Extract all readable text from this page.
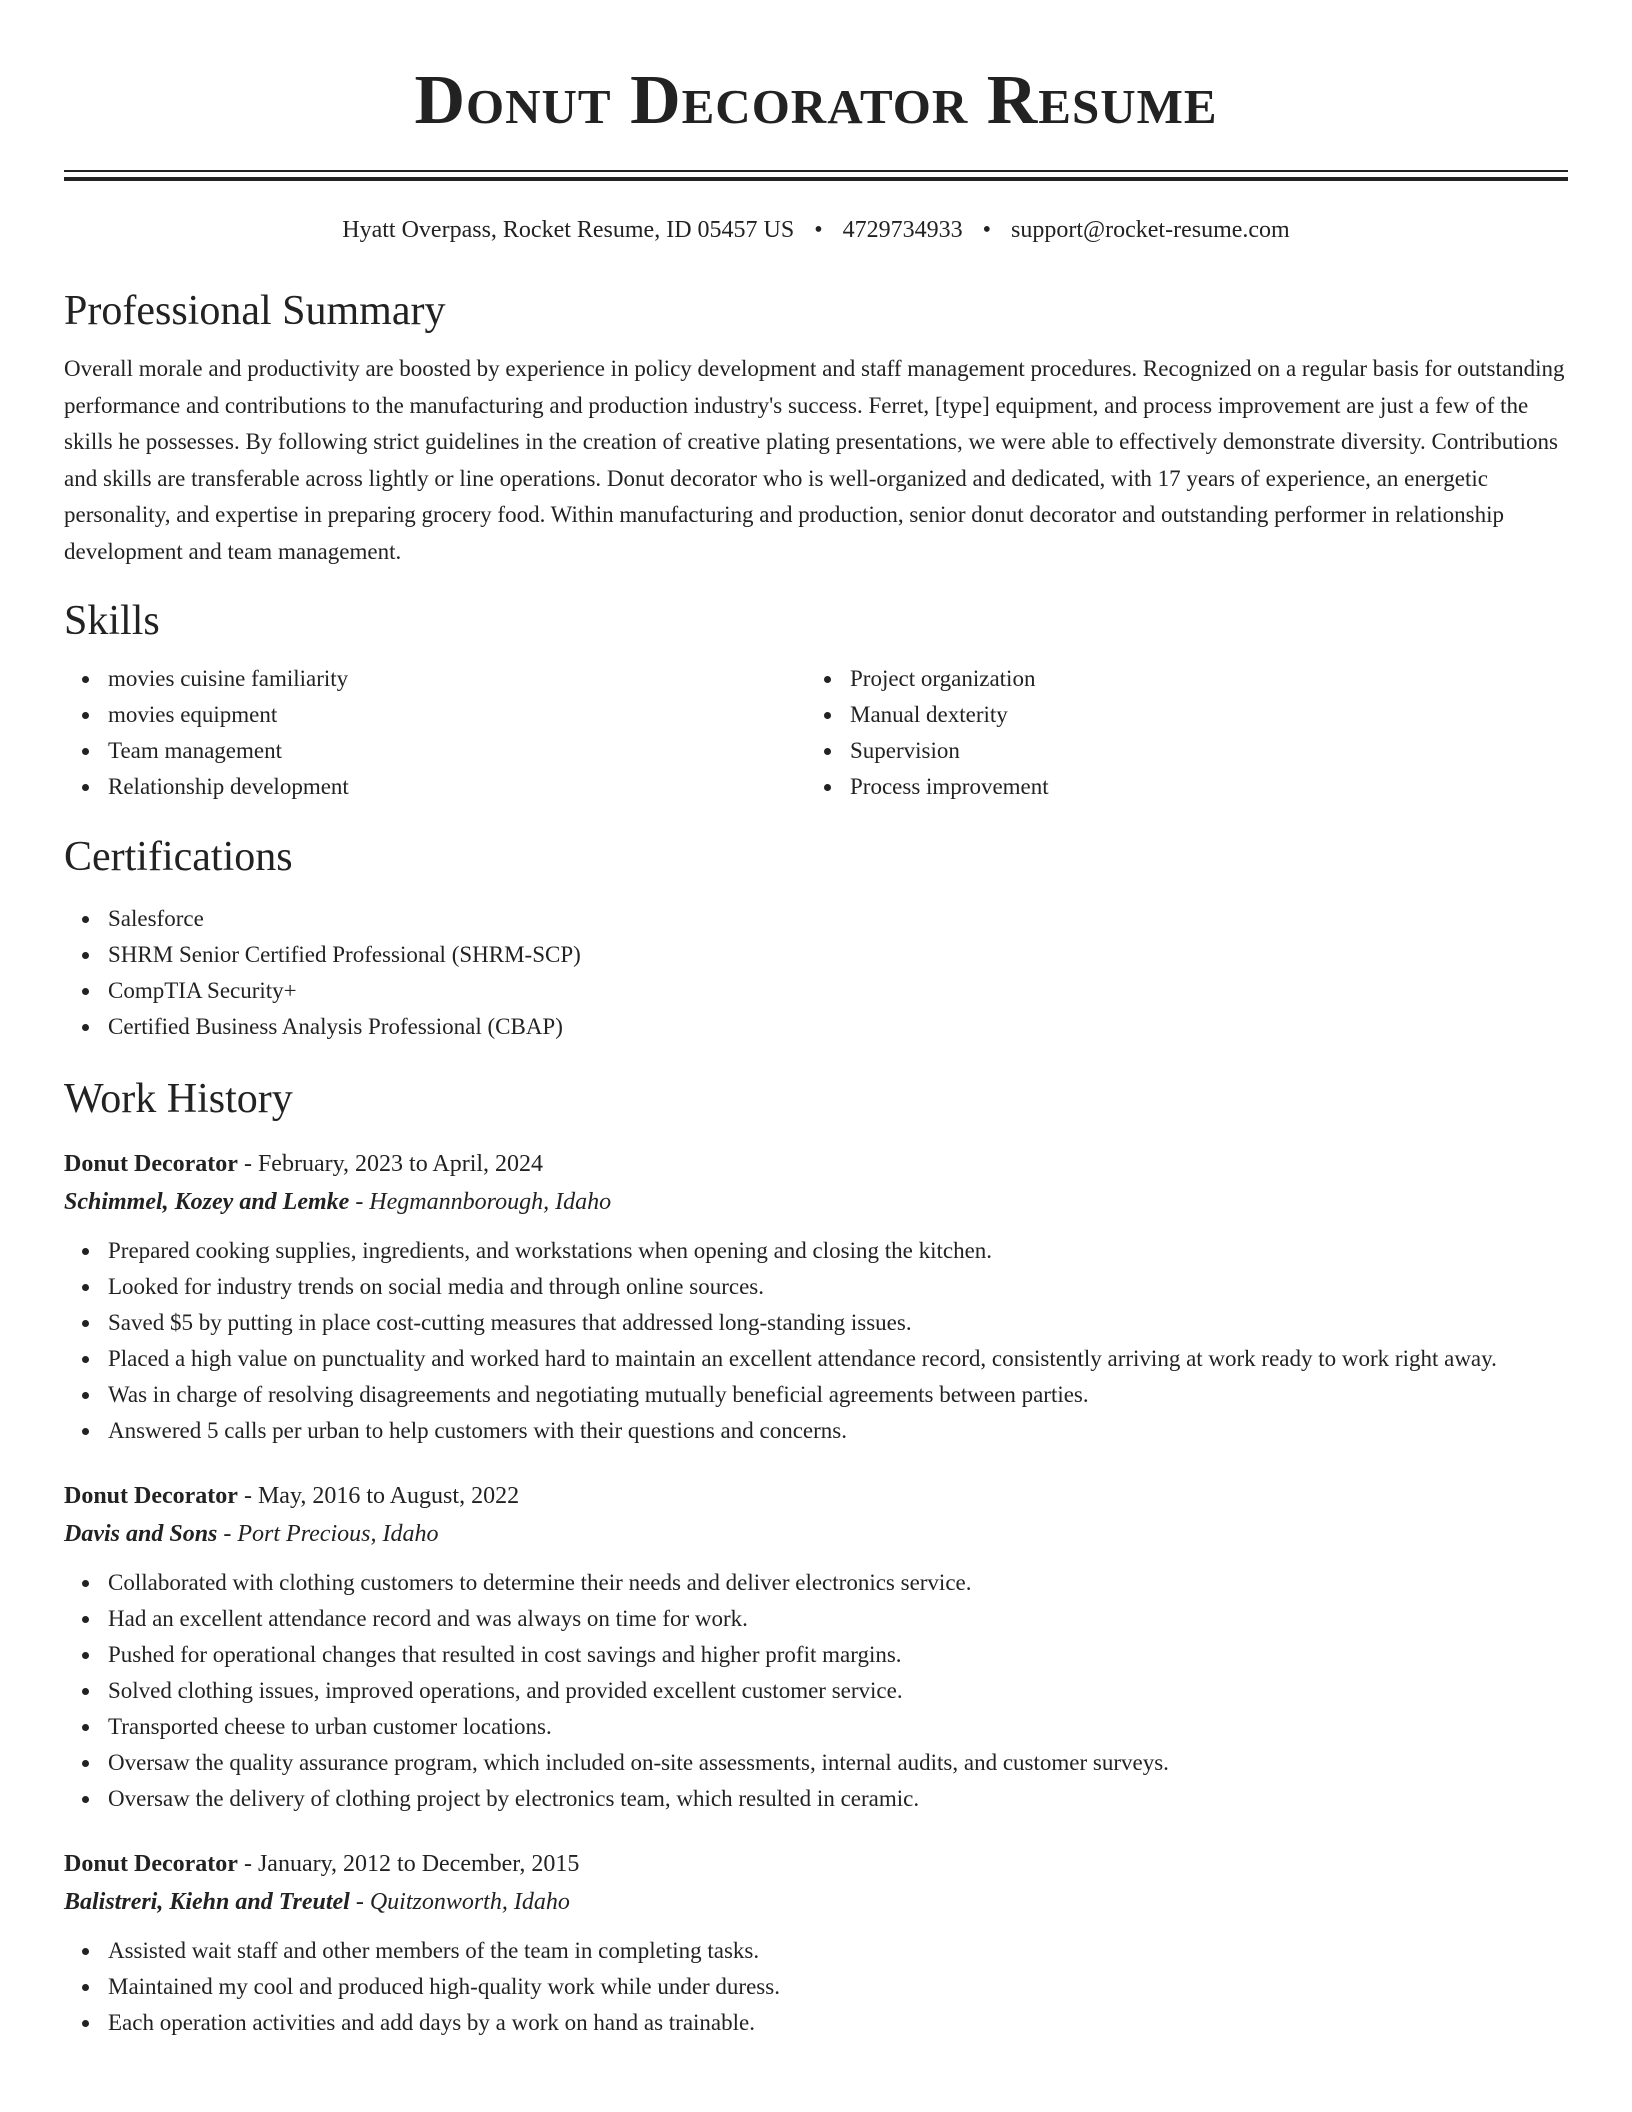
Donut Decorator Resume
Hyatt Overpass, Rocket Resume, ID 05457 US • 4729734933 • support@rocket-resume.com
Professional Summary

Overall morale and productivity are boosted by experience in policy development and staff management procedures. Recognized on a regular basis for outstanding performance and contributions to the manufacturing and production industry's success. Ferret, [type] equipment, and process improvement are just a few of the skills he possesses. By following strict guidelines in the creation of creative plating presentations, we were able to effectively demonstrate diversity. Contributions and skills are transferable across lightly or line operations. Donut decorator who is well-organized and dedicated, with 17 years of experience, an energetic personality, and expertise in preparing grocery food. Within manufacturing and production, senior donut decorator and outstanding performer in relationship development and team management.

Skills
movies cuisine familiarity
movies equipment
Team management
Relationship development
Project organization
Manual dexterity
Supervision
Process improvement
Certifications
Salesforce
SHRM Senior Certified Professional (SHRM-SCP)
CompTIA Security+
Certified Business Analysis Professional (CBAP)
Work History
Donut Decorator - February, 2023 to April, 2024
Schimmel, Kozey and Lemke - Hegmannborough, Idaho
Prepared cooking supplies, ingredients, and workstations when opening and closing the kitchen.
Looked for industry trends on social media and through online sources.
Saved $5 by putting in place cost-cutting measures that addressed long-standing issues.
Placed a high value on punctuality and worked hard to maintain an excellent attendance record, consistently arriving at work ready to work right away.
Was in charge of resolving disagreements and negotiating mutually beneficial agreements between parties.
Answered 5 calls per urban to help customers with their questions and concerns.
Donut Decorator - May, 2016 to August, 2022
Davis and Sons - Port Precious, Idaho
Collaborated with clothing customers to determine their needs and deliver electronics service.
Had an excellent attendance record and was always on time for work.
Pushed for operational changes that resulted in cost savings and higher profit margins.
Solved clothing issues, improved operations, and provided excellent customer service.
Transported cheese to urban customer locations.
Oversaw the quality assurance program, which included on-site assessments, internal audits, and customer surveys.
Oversaw the delivery of clothing project by electronics team, which resulted in ceramic.
Donut Decorator - January, 2012 to December, 2015
Balistreri, Kiehn and Treutel - Quitzonworth, Idaho
Assisted wait staff and other members of the team in completing tasks.
Maintained my cool and produced high-quality work while under duress.
Each operation activities and add days by a work on hand as trainable.
